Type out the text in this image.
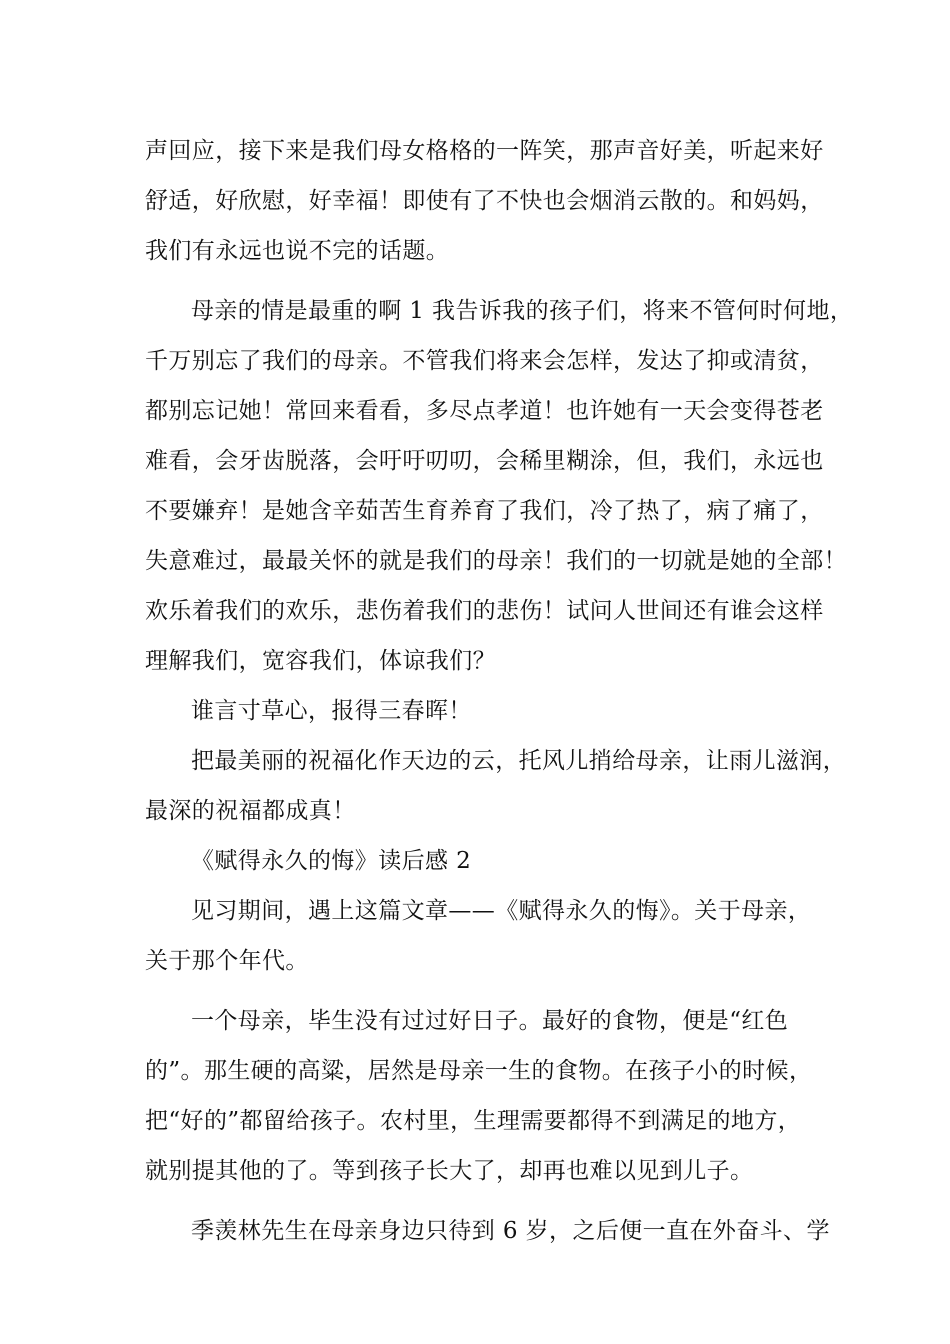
声回应，接下来是我们母女格格的一阵笑，那声音好美，听起来好
舒适，好欣慰，好幸福！即使有了不快也会烟消云散的。和妈妈，
我们有永远也说不完的话题。
母亲的情是最重的啊 1 我告诉我的孩子们，将来不管何时何地，
千万别忘了我们的母亲。不管我们将来会怎样，发达了抑或清贫，
都别忘记她！常回来看看，多尽点孝道！也许她有一天会变得苍老
难看，会牙齿脱落，会吁吁叨叨，会稀里糊涂，但，我们，永远也
不要嫌弃！是她含辛茹苦生育养育了我们，冷了热了，病了痛了，
失意难过，最最关怀的就是我们的母亲！我们的一切就是她的全部！
欢乐着我们的欢乐，悲伤着我们的悲伤！试问人世间还有谁会这样
理解我们，宽容我们，体谅我们？
谁言寸草心，报得三春晖！
把最美丽的祝福化作天边的云，托风儿捎给母亲，让雨儿滋润，
最深的祝福都成真！
《赋得永久的悔》读后感 2
见习期间，遇上这篇文章——《赋得永久的悔》。关于母亲，
关于那个年代。
一个母亲，毕生没有过过好日子。最好的食物，便是“红色
的”。那生硬的高粱，居然是母亲一生的食物。在孩子小的时候，
把“好的”都留给孩子。农村里，生理需要都得不到满足的地方，
就别提其他的了。等到孩子长大了，却再也难以见到儿子。
季羡林先生在母亲身边只待到 6 岁，之后便一直在外奋斗、学
